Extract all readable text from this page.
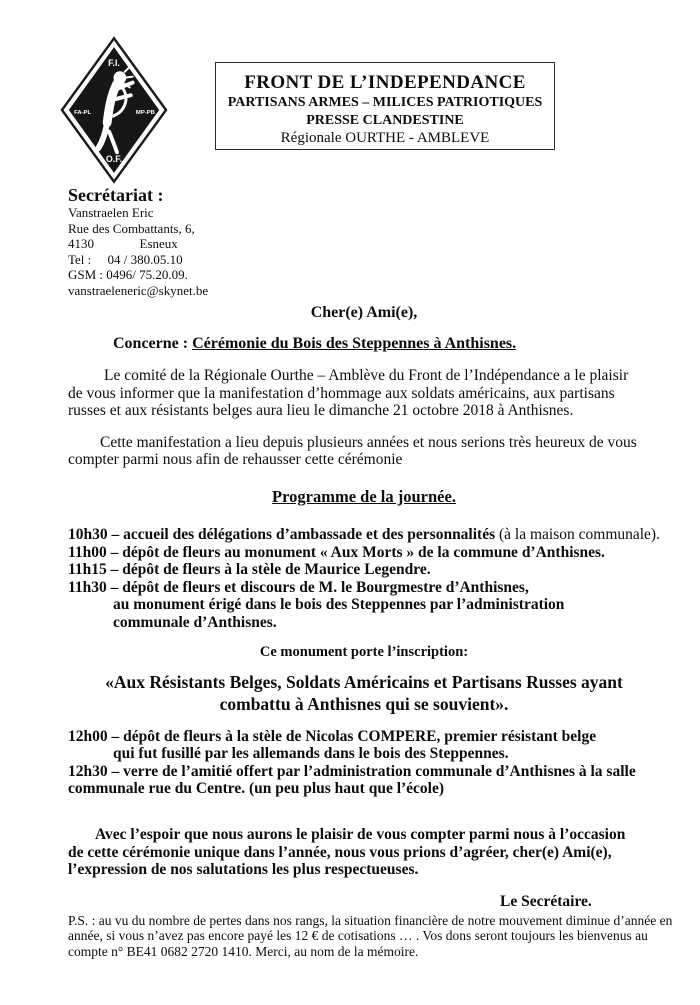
F.I.
FA-PL	MP-PB
O.F.
FRONT DE L’INDEPENDANCE
PARTISANS ARMES – MILICES PATRIOTIQUES
PRESSE CLANDESTINE
Régionale OURTHE - AMBLEVE
Secrétariat :
Vanstraelen Eric
Rue des Combattants, 6,
4130              Esneux
Tel :     04 / 380.05.10
GSM : 0496/ 75.20.09.
vanstraeleneric@skynet.be
Cher(e) Ami(e),
Concerne : Cérémonie du Bois des Steppennes à Anthisnes.
Le comité de la Régionale Ourthe – Amblève du Front de l’Indépendance a le plaisir
de vous informer que la manifestation d’hommage aux soldats américains, aux partisans
russes et aux résistants belges aura lieu le dimanche 21 octobre 2018 à Anthisnes.
Cette manifestation a lieu depuis plusieurs années et nous serions très heureux de vous
compter parmi nous afin de rehausser cette cérémonie
Programme de la journée.
10h30 – accueil des délégations d’ambassade et des personnalités (à la maison communale).
11h00 – dépôt de fleurs au monument « Aux Morts » de la commune d’Anthisnes.
11h15 – dépôt de fleurs à la stèle de Maurice Legendre.
11h30 – dépôt de fleurs et discours de M. le Bourgmestre d’Anthisnes,
au monument érigé dans le bois des Steppennes par l’administration
communale d’Anthisnes.
Ce monument porte l’inscription:
«Aux Résistants Belges, Soldats Américains et Partisans Russes ayant
combattu à Anthisnes qui se souvient».
12h00 – dépôt de fleurs à la stèle de Nicolas COMPERE, premier résistant belge
qui fut fusillé par les allemands dans le bois des Steppennes.
12h30 – verre de l’amitié offert par l’administration communale d’Anthisnes à la salle
communale rue du Centre. (un peu plus haut que l’école)
Avec l’espoir que nous aurons le plaisir de vous compter parmi nous à l’occasion
de cette cérémonie unique dans l’année, nous vous prions d’agréer, cher(e) Ami(e),
l’expression de nos salutations les plus respectueuses.
Le Secrétaire.
P.S. : au vu du nombre de pertes dans nos rangs, la situation financière de notre mouvement diminue d’année en
année, si vous n’avez pas encore payé les 12 € de cotisations … . Vos dons seront toujours les bienvenus au
compte n° BE41 0682 2720 1410. Merci, au nom de la mémoire.
